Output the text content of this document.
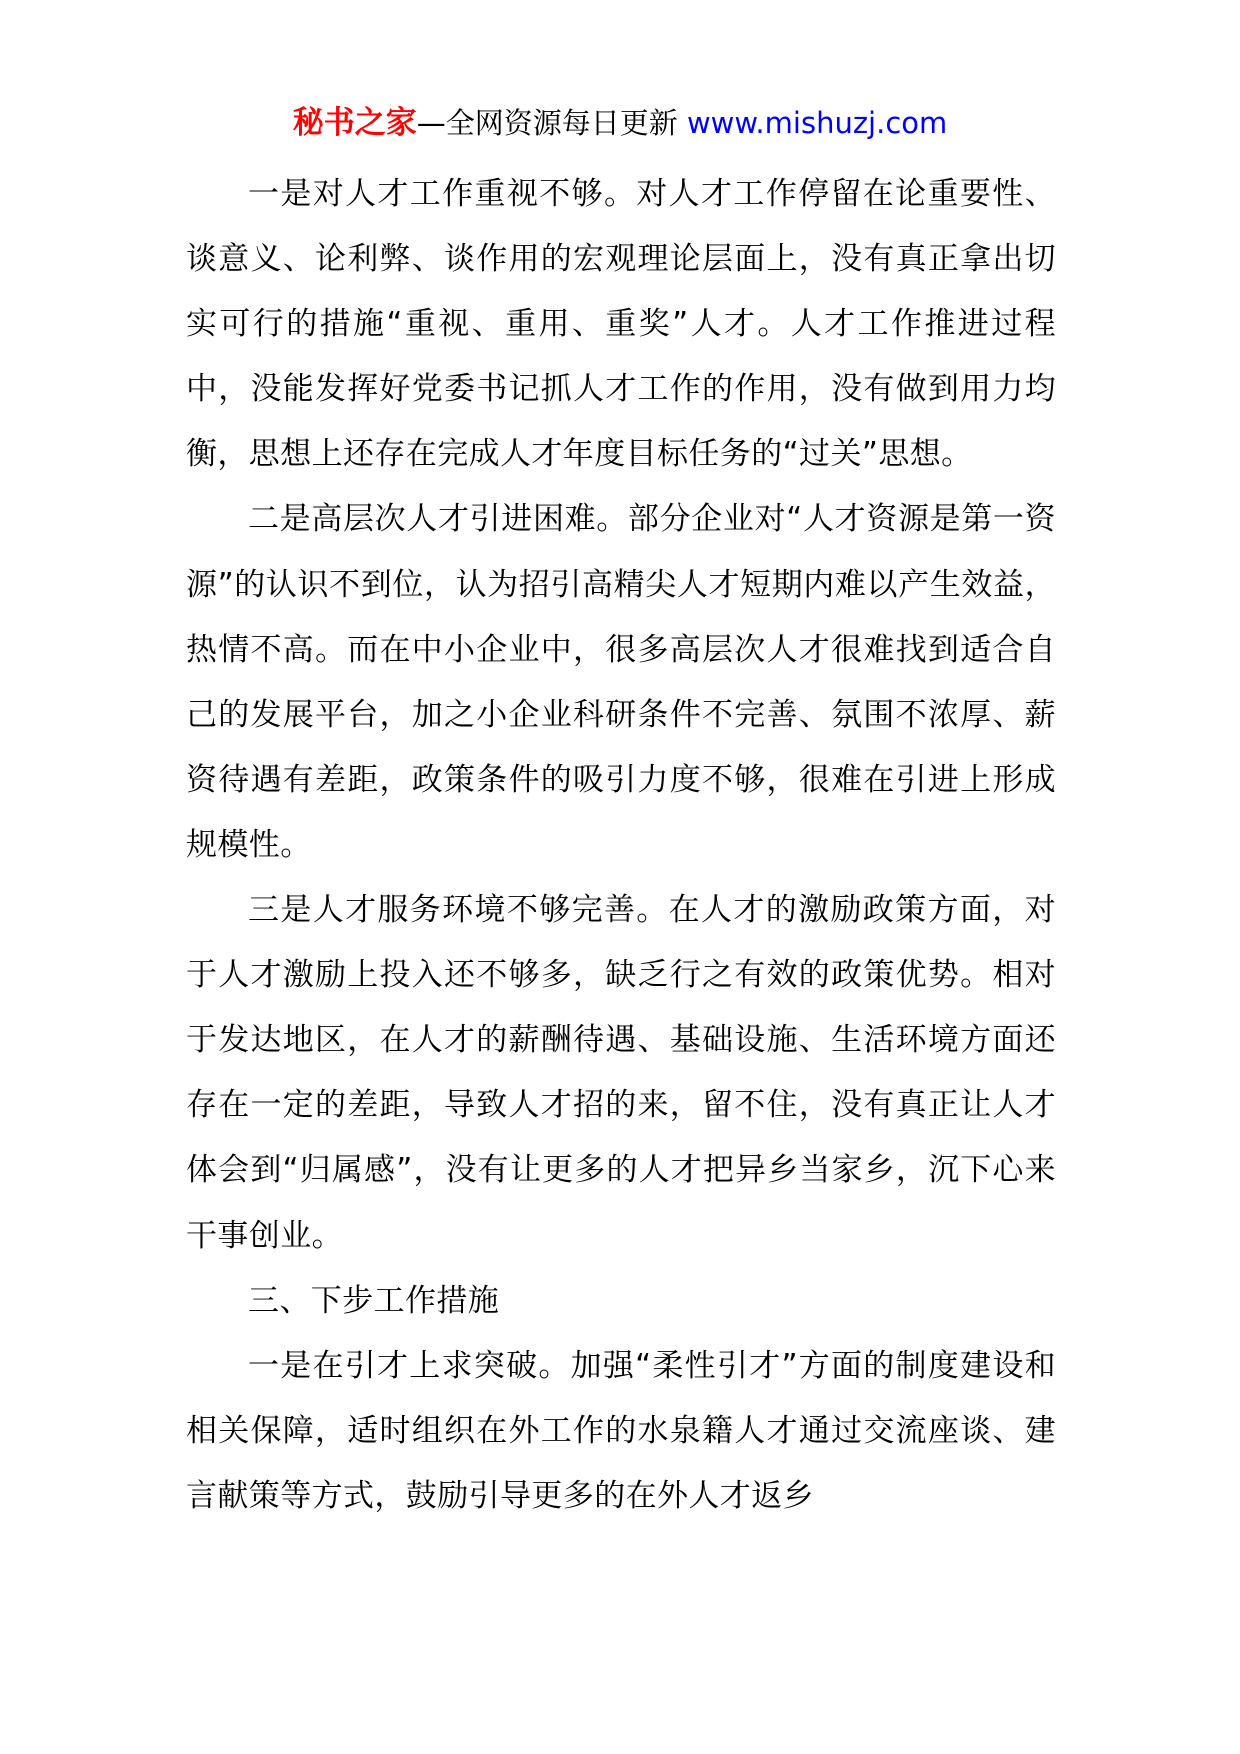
秘书之家—全网资源每日更新 www.mishuzj.com

一是对人才工作重视不够。对人才工作停留在论重要性、谈意义、论利弊、谈作用的宏观理论层面上，没有真正拿出切实可行的措施“重视、重用、重奖”人才。人才工作推进过程中，没能发挥好党委书记抓人才工作的作用，没有做到用力均衡，思想上还存在完成人才年度目标任务的“过关”思想。

二是高层次人才引进困难。部分企业对“人才资源是第一资源”的认识不到位，认为招引高精尖人才短期内难以产生效益，热情不高。而在中小企业中，很多高层次人才很难找到适合自己的发展平台，加之小企业科研条件不完善、氛围不浓厚、薪资待遇有差距，政策条件的吸引力度不够，很难在引进上形成规模性。

三是人才服务环境不够完善。在人才的激励政策方面，对于人才激励上投入还不够多，缺乏行之有效的政策优势。相对于发达地区，在人才的薪酬待遇、基础设施、生活环境方面还存在一定的差距，导致人才招的来，留不住，没有真正让人才体会到“归属感”，没有让更多的人才把异乡当家乡，沉下心来干事创业。

三、下步工作措施

一是在引才上求突破。加强“柔性引才”方面的制度建设和相关保障，适时组织在外工作的水泉籍人才通过交流座谈、建言献策等方式，鼓励引导更多的在外人才返乡
